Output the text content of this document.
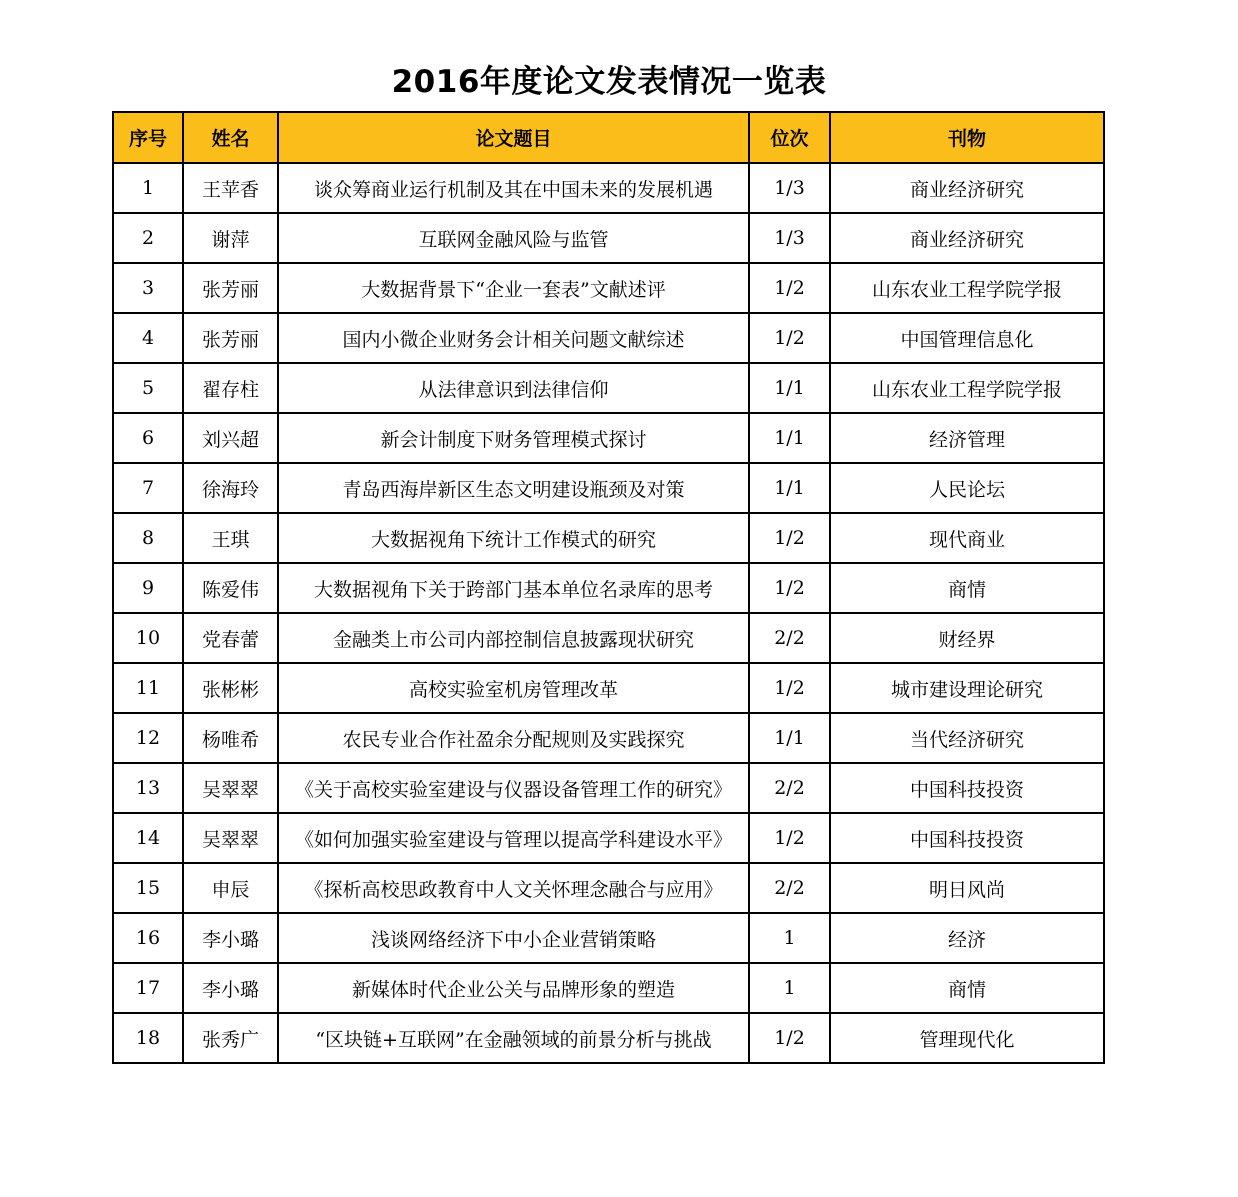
2016年度论文发表情况一览表
序号	姓名	论文题目	位次	刊物
1	王苹香	谈众筹商业运行机制及其在中国未来的发展机遇	1/3	商业经济研究
2	谢萍	互联网金融风险与监管	1/3	商业经济研究
3	张芳丽	大数据背景下“企业一套表”文献述评	1/2	山东农业工程学院学报
4	张芳丽	国内小微企业财务会计相关问题文献综述	1/2	中国管理信息化
5	翟存柱	从法律意识到法律信仰	1/1	山东农业工程学院学报
6	刘兴超	新会计制度下财务管理模式探讨	1/1	经济管理
7	徐海玲	青岛西海岸新区生态文明建设瓶颈及对策	1/1	人民论坛
8	王琪	大数据视角下统计工作模式的研究	1/2	现代商业
9	陈爱伟	大数据视角下关于跨部门基本单位名录库的思考	1/2	商情
10	党春蕾	金融类上市公司内部控制信息披露现状研究	2/2	财经界
11	张彬彬	高校实验室机房管理改革	1/2	城市建设理论研究
12	杨唯希	农民专业合作社盈余分配规则及实践探究	1/1	当代经济研究
13	吴翠翠	《关于高校实验室建设与仪器设备管理工作的研究》	2/2	中国科技投资
14	吴翠翠	《如何加强实验室建设与管理以提高学科建设水平》	1/2	中国科技投资
15	申辰	《探析高校思政教育中人文关怀理念融合与应用》	2/2	明日风尚
16	李小璐	浅谈网络经济下中小企业营销策略	1	经济
17	李小璐	新媒体时代企业公关与品牌形象的塑造	1	商情
18	张秀广	“区块链+互联网”在金融领域的前景分析与挑战	1/2	管理现代化
